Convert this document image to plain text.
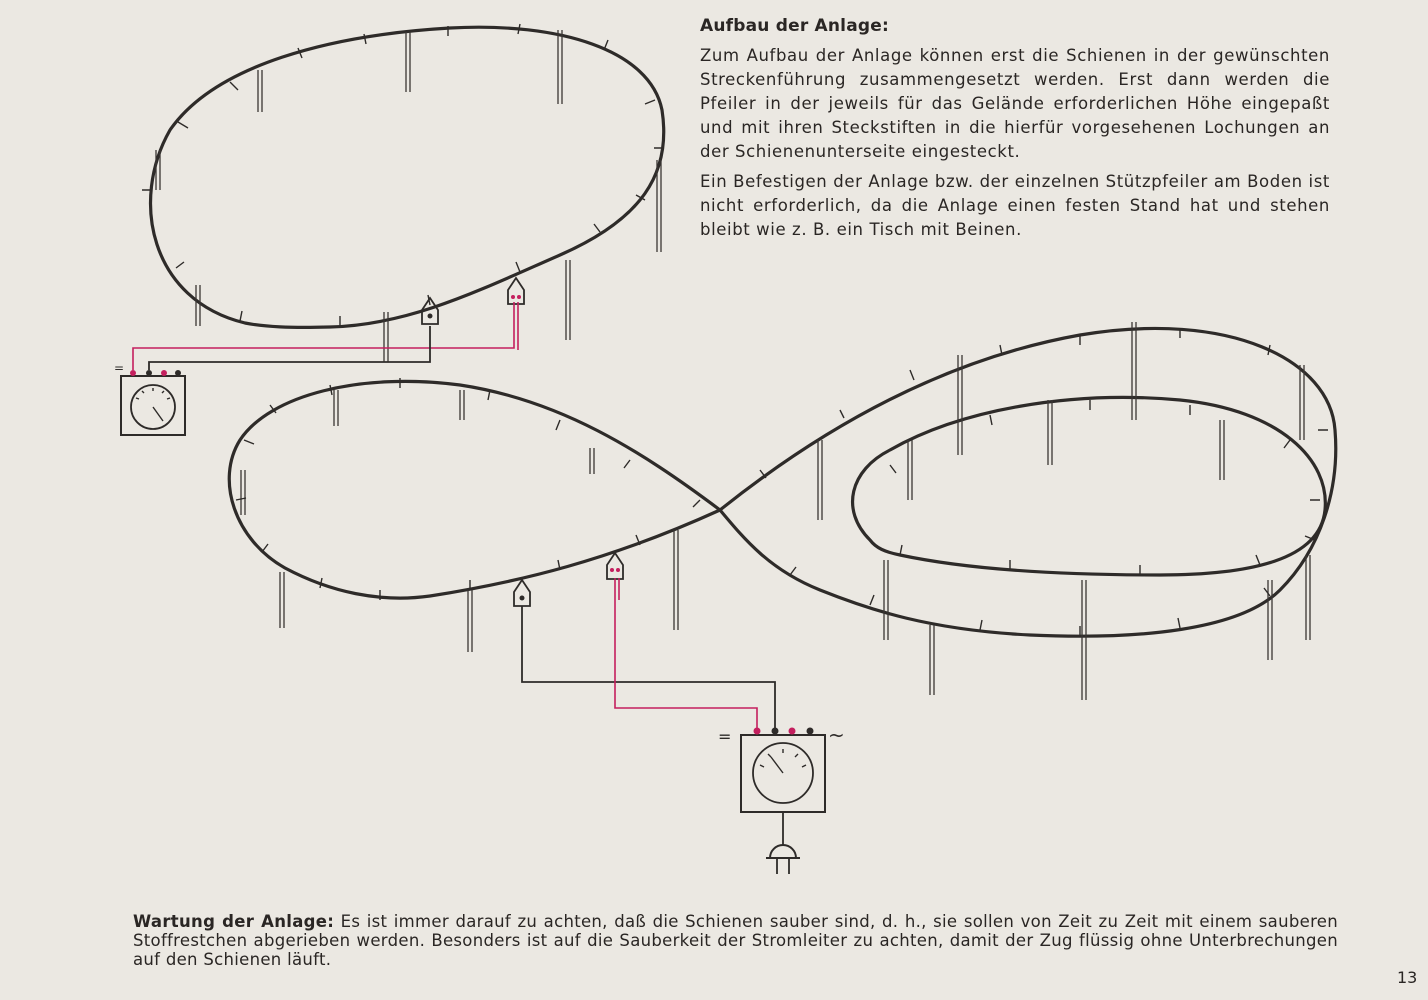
=
=	~

Aufbau der Anlage:

Zum Aufbau der Anlage können erst die Schienen in der gewünschten Streckenführung zusammengesetzt werden. Erst dann werden die Pfeiler in der jeweils für das Gelände erforderlichen Höhe eingepaßt und mit ihren Steckstiften in die hierfür vorgesehenen Lochungen an der Schienenunterseite eingesteckt.

Ein Befestigen der Anlage bzw. der einzelnen Stützpfeiler am Boden ist nicht erforderlich, da die Anlage einen festen Stand hat und stehen bleibt wie z. B. ein Tisch mit Beinen.

Wartung der Anlage: Es ist immer darauf zu achten, daß die Schienen sauber sind, d. h., sie sollen von Zeit zu Zeit mit einem sauberen Stoffrestchen abgerieben werden. Besonders ist auf die Sauberkeit der Stromleiter zu achten, damit der Zug flüssig ohne Unterbrechungen auf den Schienen läuft.
13
